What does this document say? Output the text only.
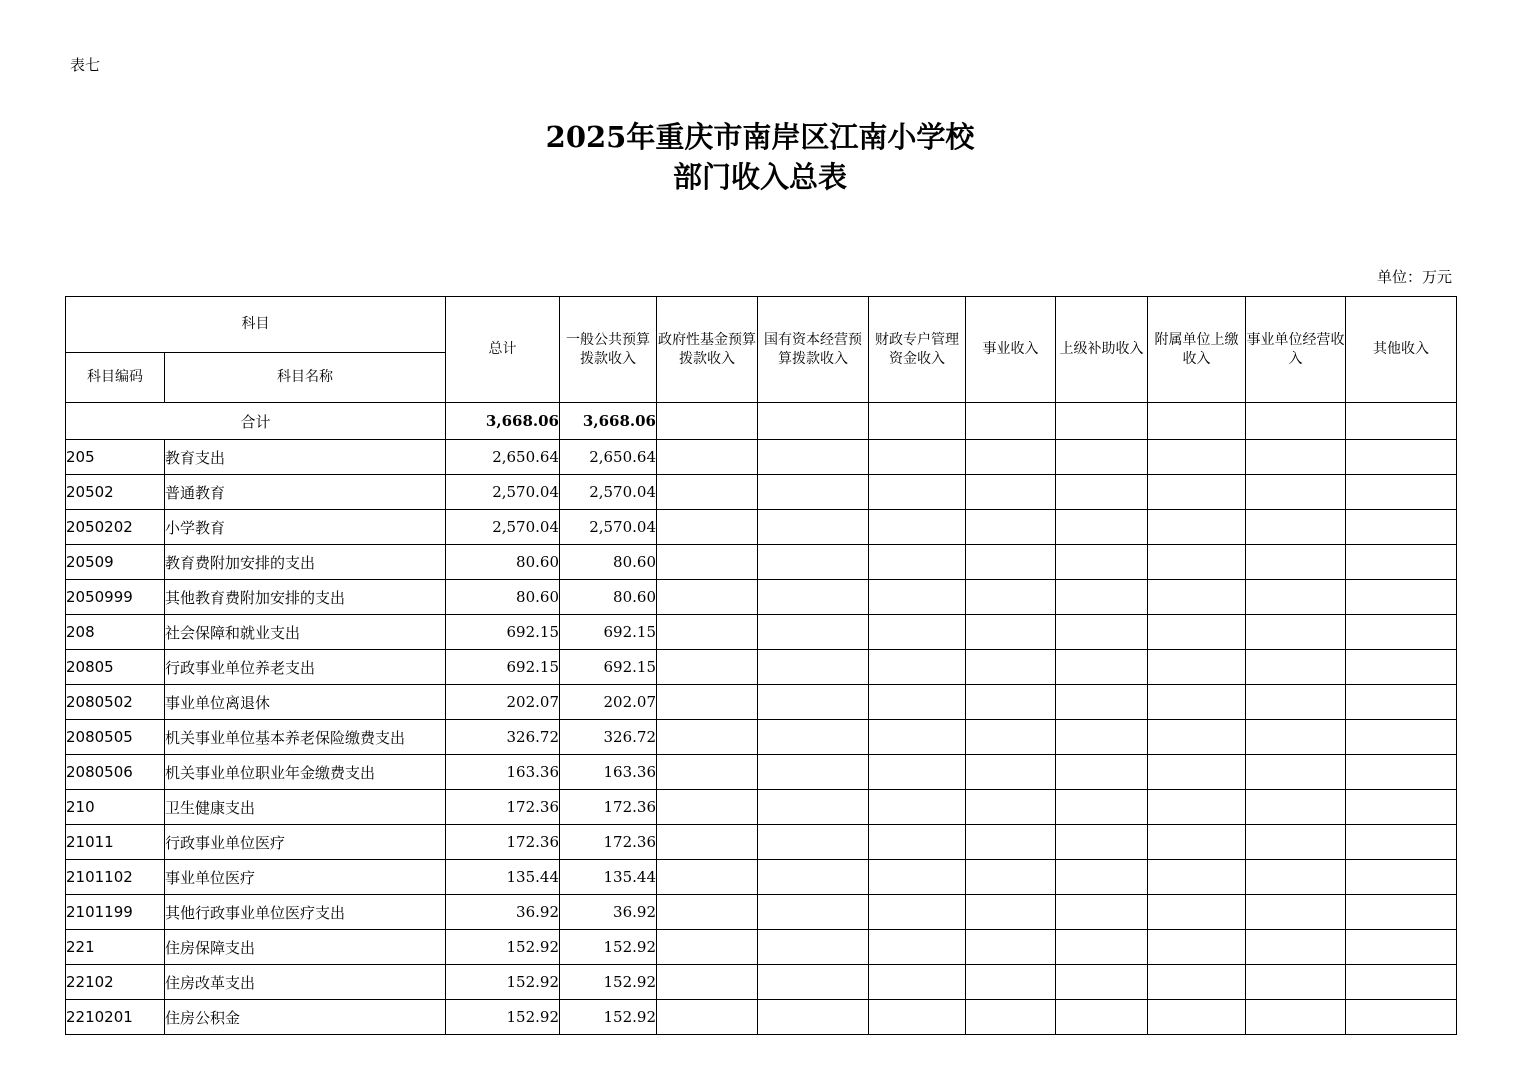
表七
2025年重庆市南岸区江南小学校
部门收入总表
单位：万元
科目		总计	一般公共预算拨款收入	政府性基金预算拨款收入	国有资本经营预算拨款收入	财政专户管理资金收入	事业收入	上级补助收入	附属单位上缴收入	事业单位经营收入	其他收入
科目编码	科目名称										
合计		3,668.06	3,668.06								
205	教育支出	2,650.64	2,650.64								
20502	普通教育	2,570.04	2,570.04								
2050202	小学教育	2,570.04	2,570.04								
20509	教育费附加安排的支出	80.60	80.60								
2050999	其他教育费附加安排的支出	80.60	80.60								
208	社会保障和就业支出	692.15	692.15								
20805	行政事业单位养老支出	692.15	692.15								
2080502	事业单位离退休	202.07	202.07								
2080505	机关事业单位基本养老保险缴费支出	326.72	326.72								
2080506	机关事业单位职业年金缴费支出	163.36	163.36								
210	卫生健康支出	172.36	172.36								
21011	行政事业单位医疗	172.36	172.36								
2101102	事业单位医疗	135.44	135.44								
2101199	其他行政事业单位医疗支出	36.92	36.92								
221	住房保障支出	152.92	152.92								
22102	住房改革支出	152.92	152.92								
2210201	住房公积金	152.92	152.92								
